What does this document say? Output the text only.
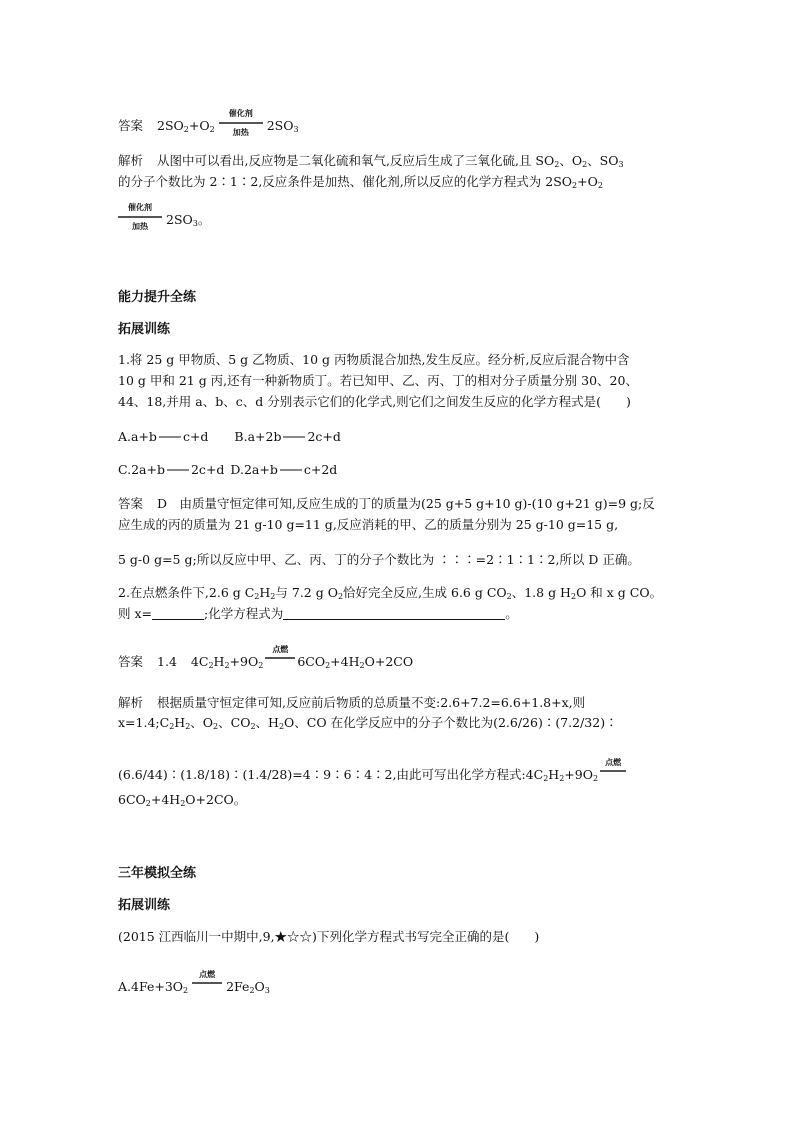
答案 $2SO_2+O_2$
催化剂
加热	$2SO_3$
解析 从图中可以看出,反应物是二氧化硫和氧气,反应后生成了三氧化硫,且 $SO_2$、$O_2$、$SO_3$
的分子个数比为 2∶1∶2,反应条件是加热、催化剂,所以反应的化学方程式为 $2SO_2+O_2$
催化剂
加热	$2SO_3$。
能力提升全练
拓展训练
1.将 25 g 甲物质、5 g 乙物质、10 g 丙物质混合加热,发生反应。经分析,反应后混合物中含
10 g 甲和 21 g 丙,还有一种新物质丁。若已知甲、乙、丙、丁的相对分子质量分别 30、20、
44、18,并用 a、b、c、d 分别表示它们的化学式,则它们之间发生反应的化学方程式是(　　)
A.a+b c+d B.a+2b 2c+d
C.2a+b 2c+d D.2a+b c+2d
答案 D　由质量守恒定律可知,反应生成的丁的质量为(25 g+5 g+10 g)-(10 g+21 g)=9 g;反
应生成的丙的质量为 21 g-10 g=11 g,反应消耗的甲、乙的质量分别为 25 g-10 g=15 g,
5 g-0 g=5 g;所以反应中甲、乙、丙、丁的分子个数比为 ∶∶∶=2∶1∶1∶2,所以 D 正确。
2.在点燃条件下,2.6 g $C_2H_2$与 7.2 g $O_2$恰好完全反应,生成 6.6 g $CO_2$、1.8 g $H_2O$ 和 x g CO。
则 x=	;化学方程式为	。
答案 1.4 $4C_2H_2+9O_2$
点燃
$6CO_2+4H_2O+2CO$
解析 根据质量守恒定律可知,反应前后物质的总质量不变:2.6+7.2=6.6+1.8+x,则
$x=1.4;C_2H_2$、$O_2$、$CO_2$、$H_2O$、CO 在化学反应中的分子个数比为(2.6/26)∶(7.2/32)∶
(6.6/44)∶(1.8/18)∶(1.4/28)=4∶9∶6∶4∶2,由此可写出化学方程式$:4C_2H_2+9O_2$
点燃
$6CO_2+4H_2O+2CO$。
三年模拟全练
拓展训练
(2015 江西临川一中期中,9,★☆☆)下列化学方程式书写完全正确的是(　　)
$A.4Fe+3O_2$
点燃
$2Fe_2O_3$
